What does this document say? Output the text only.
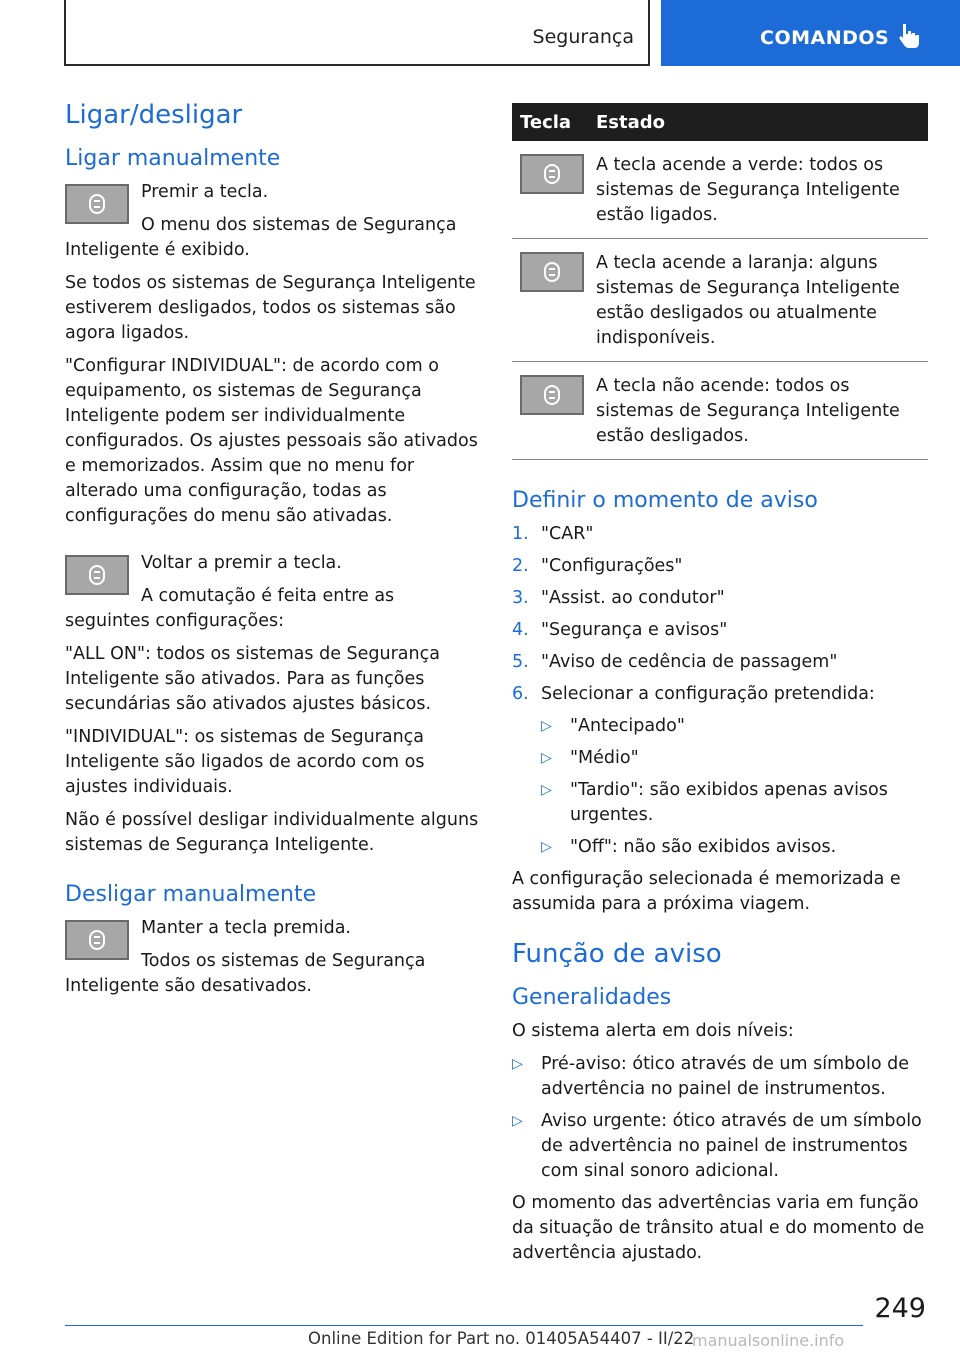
Segurança	COMANDOS
Ligar/desligar
Ligar manualmente

Premir a tecla.

O menu dos sistemas de Segurança Inteligente é exibido.

Se todos os sistemas de Segurança Inteligente estiverem desligados, todos os sistemas são agora ligados.

"Configurar INDIVIDUAL": de acordo com o equipamento, os sistemas de Segurança Inteligente podem ser individualmente configurados. Os ajustes pessoais são ativados e memorizados. Assim que no menu for alterado uma configuração, todas as configurações do menu são ativadas.

Voltar a premir a tecla.

A comutação é feita entre as seguintes configurações:

"ALL ON": todos os sistemas de Segurança Inteligente são ativados. Para as funções secundárias são ativados ajustes básicos.

"INDIVIDUAL": os sistemas de Segurança Inteligente são ligados de acordo com os ajustes individuais.

Não é possível desligar individualmente alguns sistemas de Segurança Inteligente.

Desligar manualmente

Manter a tecla premida.

Todos os sistemas de Segurança Inteligente são desativados.

Tecla Estado
A tecla acende a verde: todos os sistemas de Segurança Inteligente estão ligados.
A tecla acende a laranja: alguns sistemas de Segurança Inteligente estão desligados ou atualmente indisponíveis.
A tecla não acende: todos os sistemas de Segurança Inteligente estão desligados.
Definir o momento de aviso
1. "CAR"
2. "Configurações"
3. "Assist. ao condutor"
4. "Segurança e avisos"
5. "Aviso de cedência de passagem"
6. Selecionar a configuração pretendida:
▷ "Antecipado"
▷ "Médio"
▷ "Tardio": são exibidos apenas avisos urgentes.
▷ "Off": não são exibidos avisos.

A configuração selecionada é memorizada e assumida para a próxima viagem.

Função de aviso
Generalidades

O sistema alerta em dois níveis:

▷ Pré-aviso: ótico através de um símbolo de advertência no painel de instrumentos.
▷ Aviso urgente: ótico através de um símbolo de advertência no painel de instrumentos com sinal sonoro adicional.

O momento das advertências varia em função da situação de trânsito atual e do momento de advertência ajustado.

249
Online Edition for Part no. 01405A54407 - II/22
manualsonline.info
